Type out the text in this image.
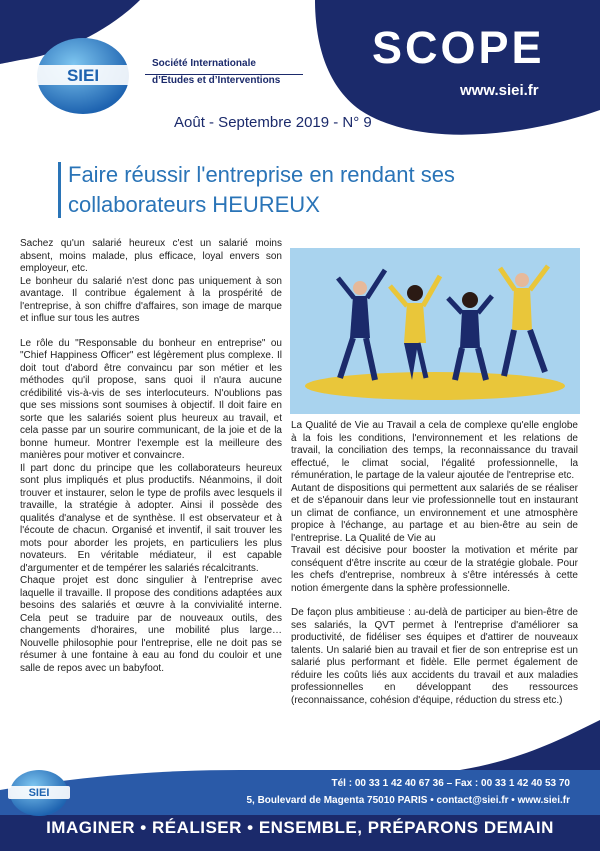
SIEI
Société Internationale
d’Études et d’Interventions
SCOPE
www.siei.fr
Août - Septembre 2019 - N° 9
Faire réussir l'entreprise en rendant ses
collaborateurs HEUREUX

Sachez qu'un salarié heureux c'est un salarié moins absent, moins malade, plus efficace, loyal envers son employeur, etc.

Le bonheur du salarié n'est donc pas uniquement à son avantage. Il contribue également à la prospérité de l'entreprise, à son chiffre d'affaires, son image de marque et influe sur tous les autres

Le rôle du "Responsable du bonheur en entreprise" ou "Chief Happiness Officer" est légèrement plus complexe. Il doit tout d'abord être convaincu par son métier et les méthodes qu'il propose, sans quoi il n'aura aucune crédibilité vis-à-vis de ses interlocuteurs. N'oublions pas que ses missions sont soumises à objectif. Il doit faire en sorte que les salariés soient plus heureux au travail, et cela passe par un sourire communicant, de la joie et de la bonne humeur. Montrer l'exemple est la meilleure des manières pour motiver et convaincre.

Il part donc du principe que les collaborateurs heureux sont plus impliqués et plus productifs. Néanmoins, il doit trouver et instaurer, selon le type de profils avec lesquels il travaille, la stratégie à adopter. Ainsi il possède des qualités d'analyse et de synthèse. Il est observateur et à l'écoute de chacun. Organisé et inventif, il sait trouver les mots pour aborder les projets, en particuliers les plus novateurs. En véritable médiateur, il est capable d'argumenter et de tempérer les salariés récalcitrants.

Chaque projet est donc singulier à l'entreprise avec laquelle il travaille. Il propose des conditions adaptées aux besoins des salariés et œuvre à la convivialité interne. Cela peut se traduire par de nouveaux outils, des changements d'horaires, une mobilité plus large… Nouvelle philosophie pour l'entreprise, elle ne doit pas se résumer à une fontaine à eau au fond du couloir et une salle de repos avec un babyfoot.

La Qualité de Vie au Travail a cela de complexe qu'elle englobe à la fois les conditions, l'environnement et les relations de travail, la conciliation des temps, la reconnaissance du travail effectué, le climat social, l'égalité professionnelle, la rémunération, le partage de la valeur ajoutée de l'entreprise etc.

Autant de dispositions qui permettent aux salariés de se réaliser et de s'épanouir dans leur vie professionnelle tout en instaurant un climat de confiance, un environnement et une atmosphère propice à l'échange, au partage et au bien-être au sein de l'entreprise. La Qualité de Vie au

Travail est décisive pour booster la motivation et mérite par conséquent d'être inscrite au cœur de la stratégie globale. Pour les chefs d'entreprise, nombreux à s'être intéressés à cette notion émergente dans la sphère professionnelle.

De façon plus ambitieuse : au-delà de participer au bien-être de ses salariés, la QVT permet à l'entreprise d'améliorer sa productivité, de fidéliser ses équipes et d'attirer de nouveaux talents. Un salarié bien au travail et fier de son entreprise est un salarié plus performant et fidèle. Elle permet également de réduire les coûts liés aux accidents du travail et aux maladies professionnelles en développant des ressources (reconnaissance, cohésion d'équipe, réduction du stress etc.)

SIEI
Tél : 00 33 1 42 40 67 36 – Fax : 00 33 1 42 40 53 70
5, Boulevard de Magenta 75010 PARIS • contact@siei.fr • www.siei.fr
IMAGINER • RÉALISER • ENSEMBLE, PRÉPARONS DEMAIN
